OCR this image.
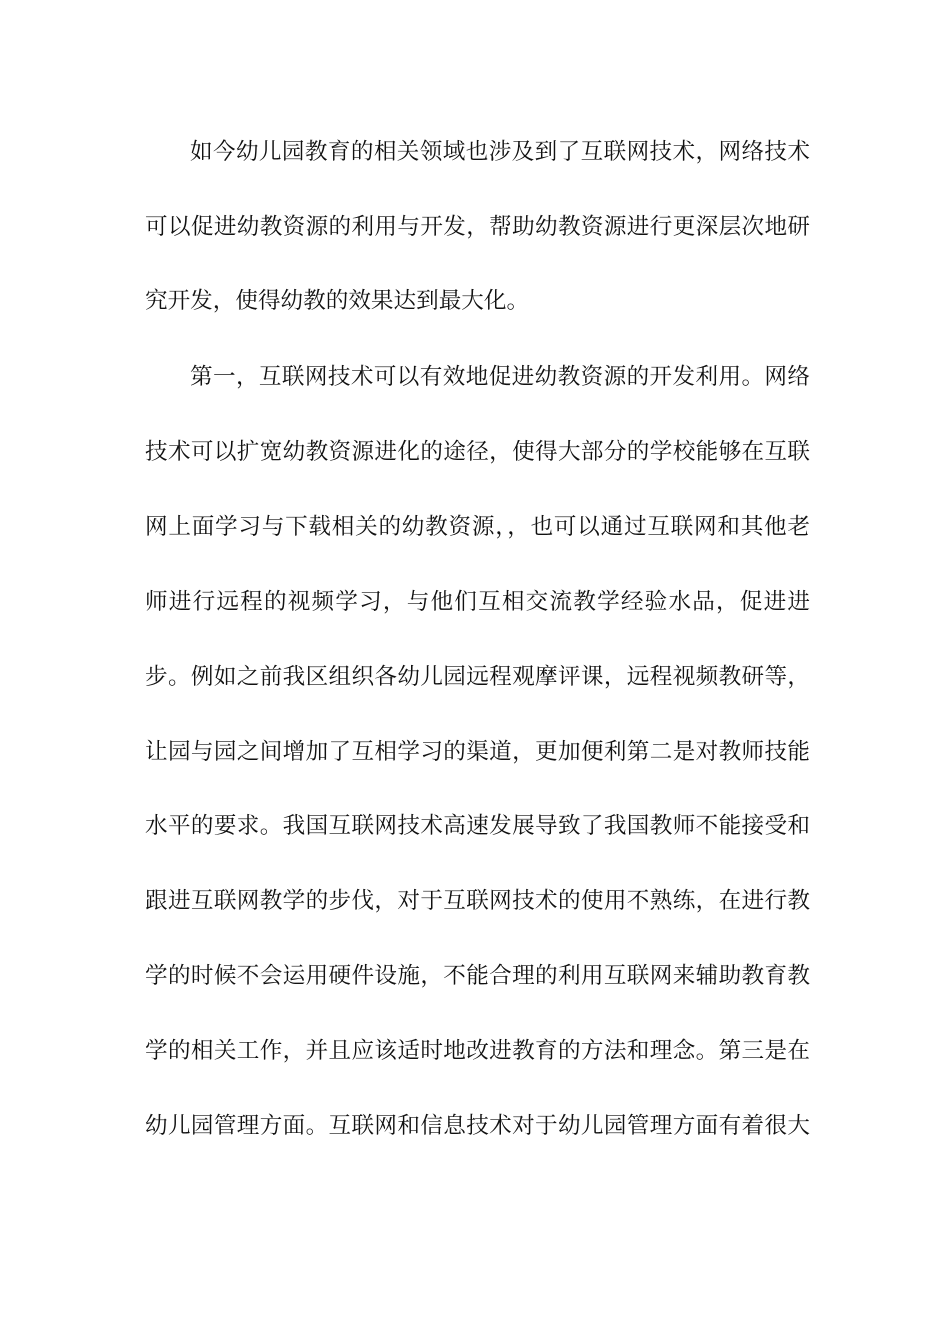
如今幼儿园教育的相关领域也涉及到了互联网技术，网络技术
可以促进幼教资源的利用与开发，帮助幼教资源进行更深层次地研
究开发，使得幼教的效果达到最大化。
第一，互联网技术可以有效地促进幼教资源的开发利用。网络
技术可以扩宽幼教资源进化的途径，使得大部分的学校能够在互联
网上面学习与下载相关的幼教资源，，也可以通过互联网和其他老
师进行远程的视频学习，与他们互相交流教学经验水品，促进进
步。例如之前我区组织各幼儿园远程观摩评课，远程视频教研等，
让园与园之间增加了互相学习的渠道，更加便利第二是对教师技能
水平的要求。我国互联网技术高速发展导致了我国教师不能接受和
跟进互联网教学的步伐，对于互联网技术的使用不熟练，在进行教
学的时候不会运用硬件设施，不能合理的利用互联网来辅助教育教
学的相关工作，并且应该适时地改进教育的方法和理念。第三是在
幼儿园管理方面。互联网和信息技术对于幼儿园管理方面有着很大
